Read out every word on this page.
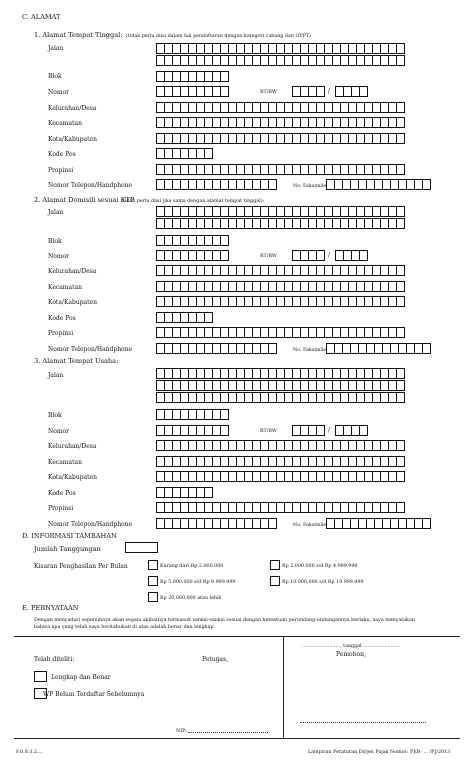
C. ALAMAT
1. Alamat Tempat Tinggal: (tidak perlu diisi dalam hal pendaftaran dengan kategori cabang dan OPPT)
Jalan
Blok
Nomor	RT/RW	/
Kelurahan/Desa
Kecamatan
Kota/Kabupaten
Kode Pos
Propinsi
Nomor Telepon/Handphone	No. Faksimile
2. Alamat Domisili sesuai KTP
(tidak perlu diisi jika sama dengan alamat tempat tinggal):
Jalan
Blok
Nomor	RT/RW	/
Kelurahan/Desa
Kecamatan
Kota/Kabupaten
Kode Pos
Propinsi
Nomor Telepon/Handphone	No. Faksimile
3. Alamat Tempat Usaha:
Jalan
Blok
Nomor	RT/RW	/
Kelurahan/Desa
Kecamatan
Kota/Kabupaten
Kode Pos
Propinsi
Nomor Telepon/Handphone	No. Faksimile
D. INFORMASI TAMBAHAN
Jumlah Tanggungan
Kisaran Penghasilan Per Bulan	Kurang dari Rp 2.000.000	Rp 2.000.000 s/d Rp 4.999.999
Rp 5.000.000 s/d Rp 9.999.999	Rp 10.000.000 s/d Rp 19.999.999
Rp 20.000.000 atau lebih
E. PERNYATAAN
Dengan menyadari sepenuhnya akan segala akibatnya termasuk sanksi-sanksi sesuai dengan ketentuan perundang-undangannya berlaku, saya menyatakan
bahwa apa yang telah saya beritahukan di atas adalah benar dan lengkap.
........................ , tanggal ........................
Pemohon,
Telah diteliti:	Petugas,
Lengkap dan Benar
WP Belum Terdaftar Sebelumnya
NIP:
F.0.0.3.2....	Lampiran Peraturan Dirjen Pajak Nomor: PER- ... /PJ/2013
